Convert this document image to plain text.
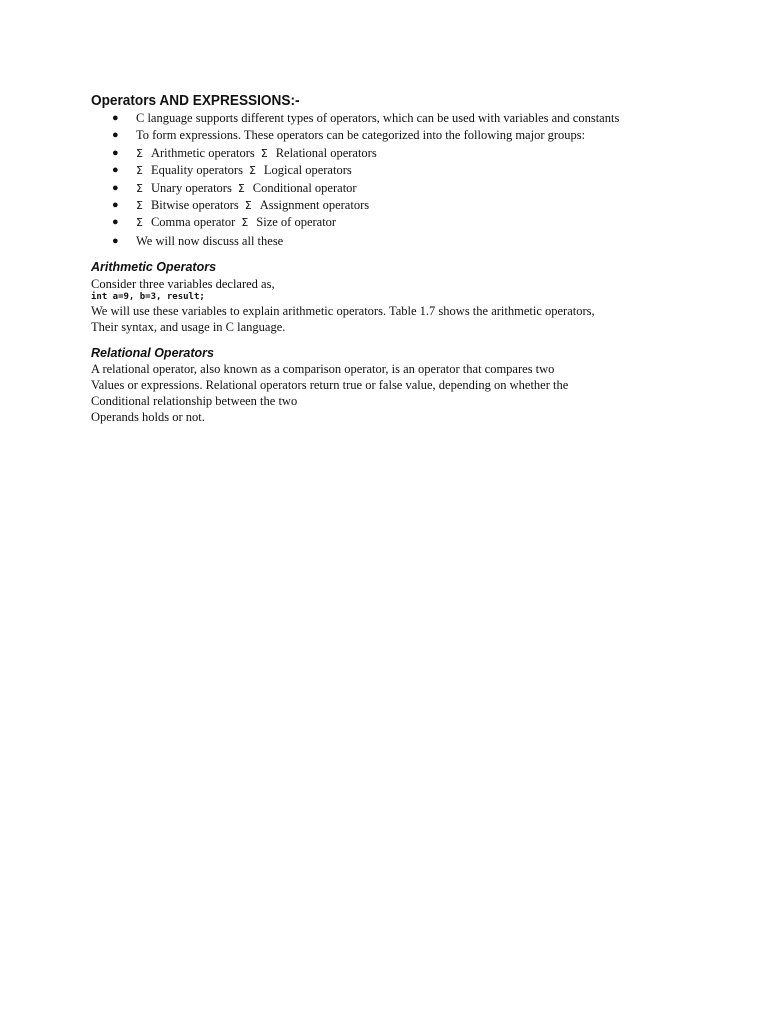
Operators AND EXPRESSIONS:-
● C language supports different types of operators, which can be used with variables and constants
● To form expressions. These operators can be categorized into the following major groups:
● Σ Arithmetic operators Σ Relational operators
● Σ Equality operators Σ Logical operators
● Σ Unary operators Σ Conditional operator
● Σ Bitwise operators Σ Assignment operators
● Σ Comma operator Σ Size of operator
● We will now discuss all these
Arithmetic Operators
Consider three variables declared as,
int a=9, b=3, result;
We will use these variables to explain arithmetic operators. Table 1.7 shows the arithmetic operators,
Their syntax, and usage in C language.
Relational Operators
A relational operator, also known as a comparison operator, is an operator that compares two
Values or expressions. Relational operators return true or false value, depending on whether the
Conditional relationship between the two
Operands holds or not.
